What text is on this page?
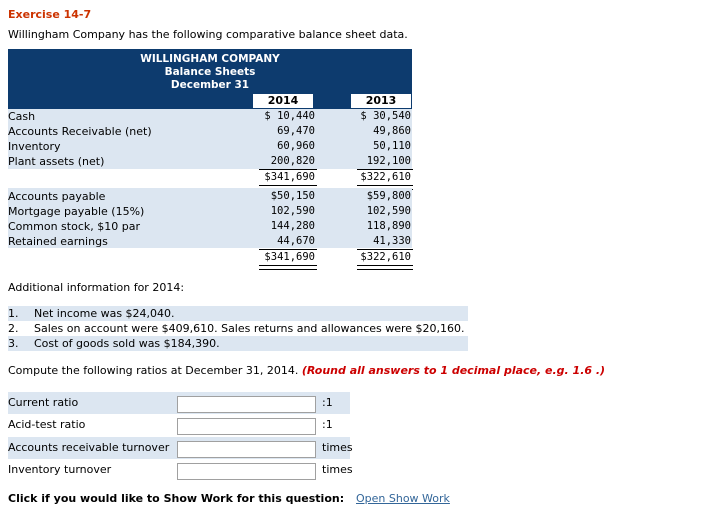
Exercise 14-7
Willingham Company has the following comparative balance sheet data.
WILLINGHAM COMPANY
Balance Sheets
December 31
2014	2013
Cash	$ 10,440	$ 30,540
Accounts Receivable (net)	69,470	49,860
Inventory	60,960	50,110
Plant assets (net)	200,820	192,100
$341,690	$322,610
Accounts payable	$50,150	$59,800
Mortgage payable (15%)	102,590	102,590
Common stock, $10 par	144,280	118,890
Retained earnings	44,670	41,330
$341,690	$322,610
Additional information for 2014:
1. Net income was $24,040.
2. Sales on account were $409,610. Sales returns and allowances were $20,160.
3. Cost of goods sold was $184,390.
Compute the following ratios at December 31, 2014. (Round all answers to 1 decimal place, e.g. 1.6 .)
Current ratio	:1
Acid-test ratio	:1
Accounts receivable turnover	times
Inventory turnover	times
Click if you would like to Show Work for this question: Open Show Work
